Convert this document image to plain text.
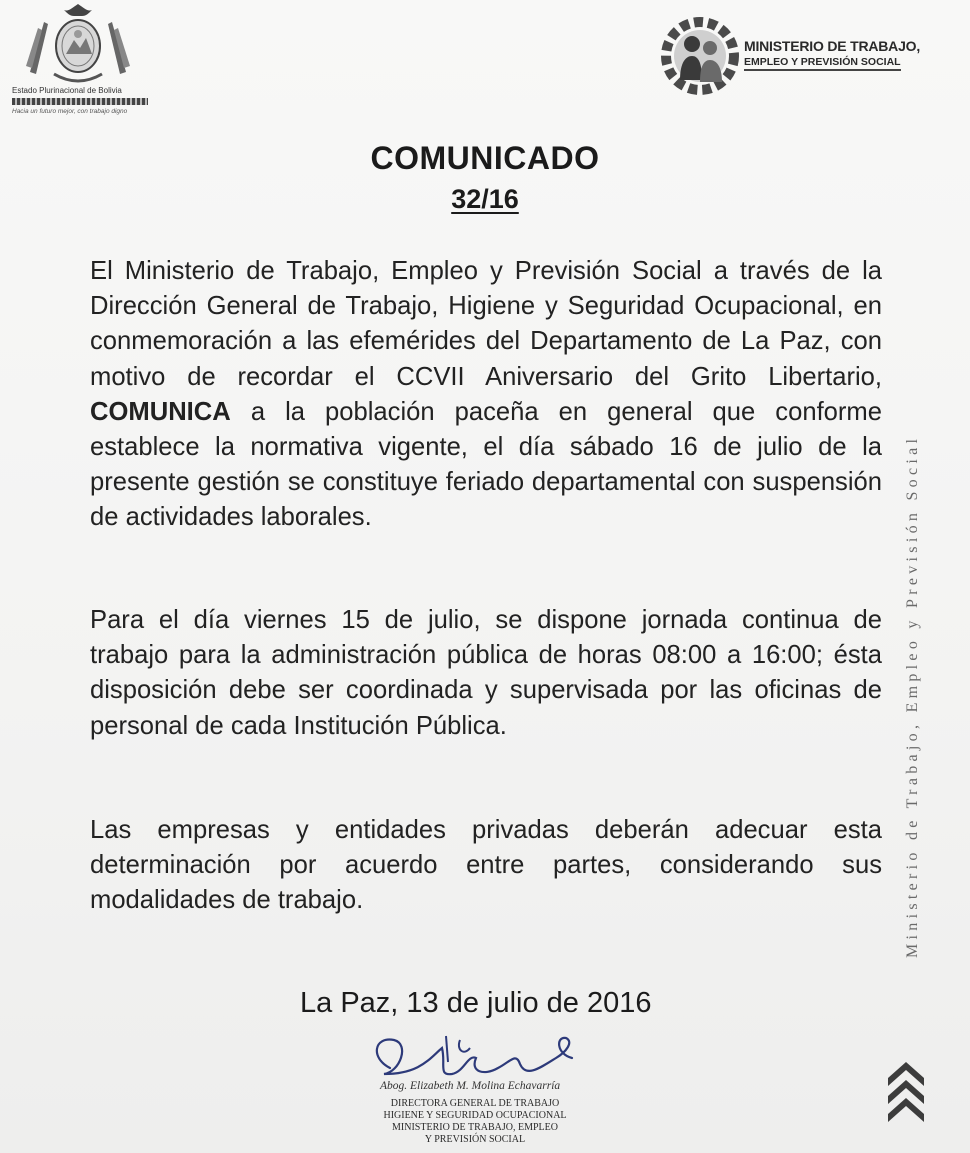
Estado Plurinacional de Bolivia
Hacia un futuro mejor, con trabajo digno
MINISTERIO DE TRABAJO,
EMPLEO Y PREVISIÓN SOCIAL
COMUNICADO
32/16
El Ministerio de Trabajo, Empleo y Previsión Social a través de la Dirección General de Trabajo, Higiene y Seguridad Ocupacional, en conmemoración a las efemérides del Departamento de La Paz, con motivo de recordar el CCVII Aniversario del Grito Libertario, COMUNICA a la población paceña en general que conforme establece la normativa vigente, el día sábado 16 de julio de la presente gestión se constituye feriado departamental con suspensión de actividades laborales.
Para el día viernes 15 de julio, se dispone jornada continua de trabajo para la administración pública de horas 08:00 a 16:00; ésta disposición debe ser coordinada y supervisada por las oficinas de personal de cada Institución Pública.
Las empresas y entidades privadas deberán adecuar esta determinación por acuerdo entre partes, considerando sus modalidades de trabajo.	Ministerio de Trabajo, Empleo y Previsión Social
La Paz, 13 de julio de 2016
Abog. Elizabeth M. Molina Echavarría
DIRECTORA GENERAL DE TRABAJO
HIGIENE Y SEGURIDAD OCUPACIONAL
MINISTERIO DE TRABAJO, EMPLEO
Y PREVISIÓN SOCIAL
